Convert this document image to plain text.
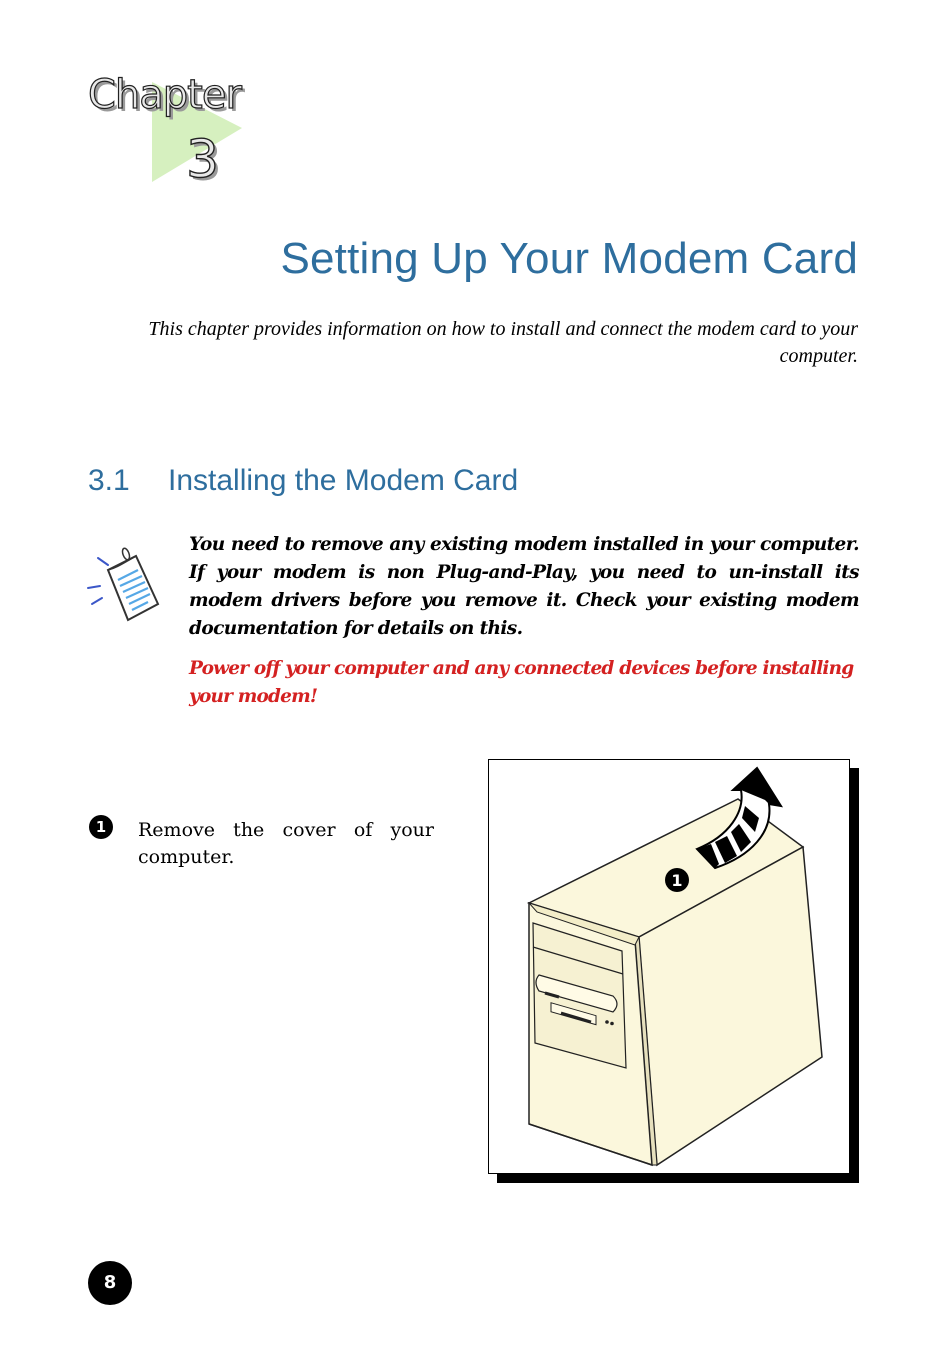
Chapter
3
Setting Up Your Modem Card

This chapter provides information on how to install and connect the modem card to your computer.

3.1 Installing the Modem Card

You need to remove any existing modem installed in your computer. If your modem is non Plug-and-Play, you need to un-install its modem drivers before you remove it. Check your existing modem documentation for details on this.

Power off your computer and any connected devices before installing your modem!

1	Remove the cover of your computer.

1
8
